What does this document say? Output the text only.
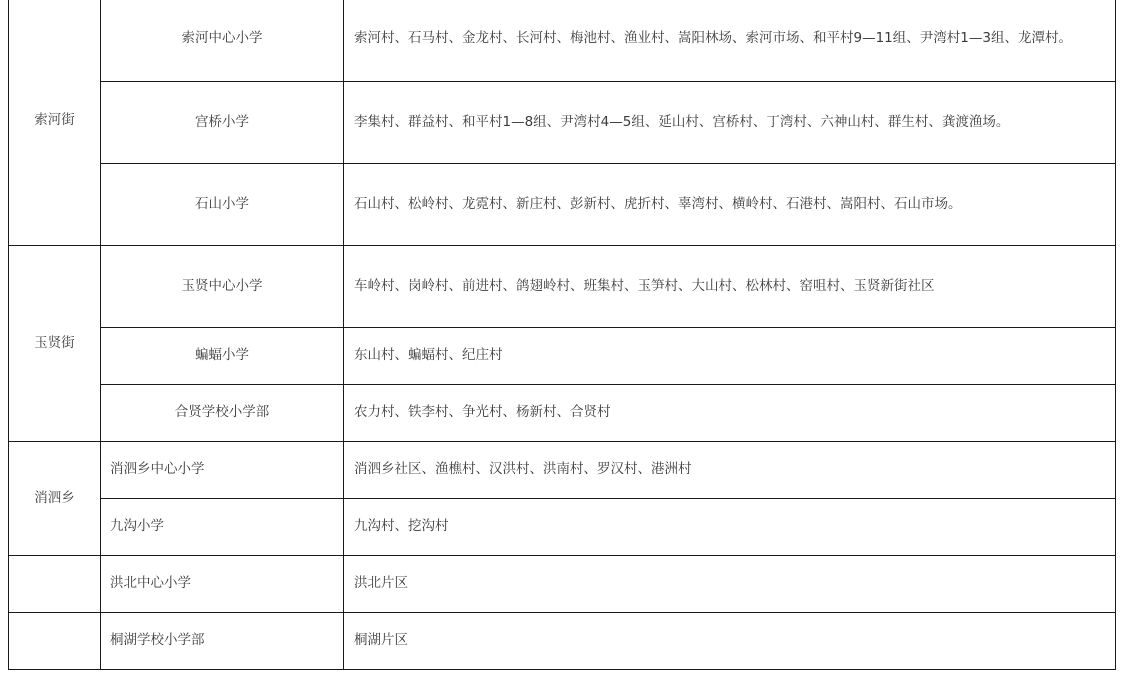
索河街	索河中心小学	索河村、石马村、金龙村、长河村、梅池村、渔业村、嵩阳林场、索河市场、和平村9—11组、尹湾村1—3组、龙潭村。
	宫桥小学	李集村、群益村、和平村1—8组、尹湾村4—5组、延山村、宫桥村、丁湾村、六神山村、群生村、龚渡渔场。
	石山小学	石山村、松岭村、龙霓村、新庄村、彭新村、虎折村、辜湾村、横岭村、石港村、嵩阳村、石山市场。
玉贤街	玉贤中心小学	车岭村、岗岭村、前进村、鸽翅岭村、班集村、玉笋村、大山村、松林村、窑咀村、玉贤新街社区
	蝙蝠小学	东山村、蝙蝠村、纪庄村
	合贤学校小学部	农力村、铁李村、争光村、杨新村、合贤村
消泗乡	消泗乡中心小学	消泗乡社区、渔樵村、汉洪村、洪南村、罗汉村、港洲村
	九沟小学	九沟村、挖沟村
	洪北中心小学	洪北片区
	桐湖学校小学部	桐湖片区
